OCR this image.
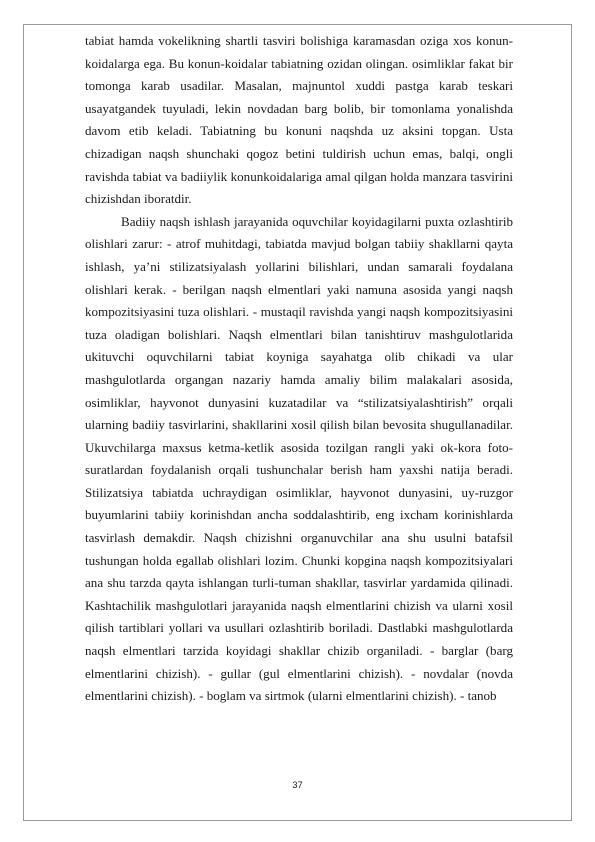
tabiat hamda vokelikning shartli tasviri bolishiga karamasdan oziga xos konun-koidalarga ega. Bu konun-koidalar tabiatning ozidan olingan. osimliklar fakat bir tomonga karab usadilar. Masalan, majnuntol xuddi pastga karab teskari usayatgandek tuyuladi, lekin novdadan barg bolib, bir tomonlama yonalishda davom etib keladi. Tabiatning bu konuni naqshda uz aksini topgan. Usta chizadigan naqsh shunchaki qogoz betini tuldirish uchun emas, balqi, ongli ravishda tabiat va badiiylik konunkoidalariga amal qilgan holda manzara tasvirini chizishdan iboratdir.

Badiiy naqsh ishlash jarayanida oquvchilar koyidagilarni puxta ozlashtirib olishlari zarur: - atrof muhitdagi, tabiatda mavjud bolgan tabiiy shakllarni qayta ishlash, ya’ni stilizatsiyalash yollarini bilishlari, undan samarali foydalana olishlari kerak. - berilgan naqsh elmentlari yaki namuna asosida yangi naqsh kompozitsiyasini tuza olishlari. - mustaqil ravishda yangi naqsh kompozitsiyasini tuza oladigan bolishlari. Naqsh elmentlari bilan tanishtiruv mashgulotlarida ukituvchi oquvchilarni tabiat koyniga sayahatga olib chikadi va ular mashgulotlarda organgan nazariy hamda amaliy bilim malakalari asosida, osimliklar, hayvonot dunyasini kuzatadilar va “stilizatsiyalashtirish” orqali ularning badiiy tasvirlarini, shakllarini xosil qilish bilan bevosita shugullanadilar. Ukuvchilarga maxsus ketma-ketlik asosida tozilgan rangli yaki ok-kora foto-suratlardan foydalanish orqali tushunchalar berish ham yaxshi natija beradi. Stilizatsiya tabiatda uchraydigan osimliklar, hayvonot dunyasini, uy-ruzgor buyumlarini tabiiy korinishdan ancha soddalashtirib, eng ixcham korinishlarda tasvirlash demakdir. Naqsh chizishni organuvchilar ana shu usulni batafsil tushungan holda egallab olishlari lozim. Chunki kopgina naqsh kompozitsiyalari ana shu tarzda qayta ishlangan turli-tuman shakllar, tasvirlar yardamida qilinadi. Kashtachilik mashgulotlari jarayanida naqsh elmentlarini chizish va ularni xosil qilish tartiblari yollari va usullari ozlashtirib boriladi. Dastlabki mashgulotlarda naqsh elmentlari tarzida koyidagi shakllar chizib organiladi. - barglar (barg elmentlarini chizish). - gullar (gul elmentlarini chizish). - novdalar (novda elmentlarini chizish). - boglam va sirtmok (ularni elmentlarini chizish). - tanob

37
